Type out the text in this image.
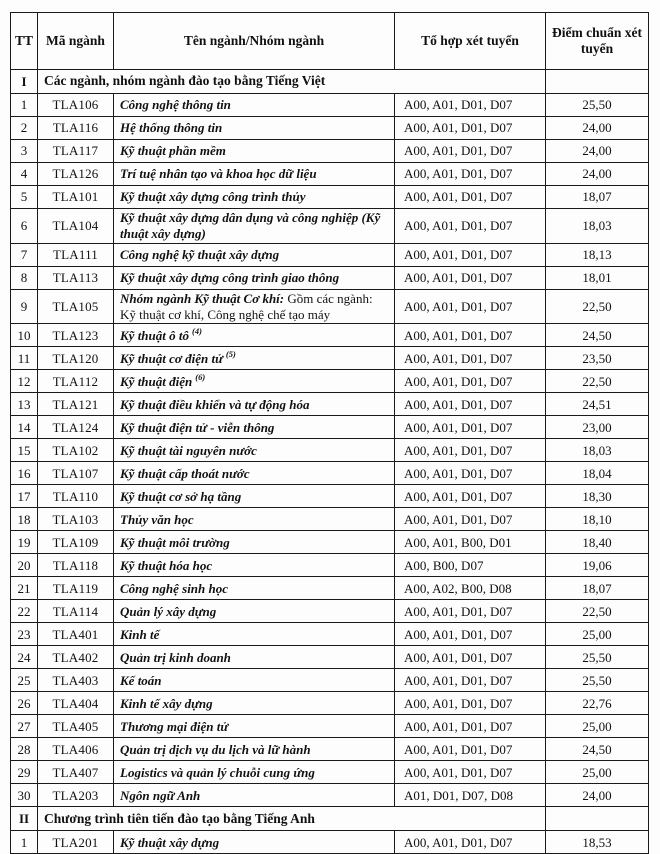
TT	Mã ngành	Tên ngành/Nhóm ngành	Tổ hợp xét tuyển	Điểm chuẩn xét tuyển
I	Các ngành, nhóm ngành đào tạo bằng Tiếng Việt			
1	TLA106	Công nghệ thông tin	A00, A01, D01, D07	25,50
2	TLA116	Hệ thống thông tin	A00, A01, D01, D07	24,00
3	TLA117	Kỹ thuật phần mềm	A00, A01, D01, D07	24,00
4	TLA126	Trí tuệ nhân tạo và khoa học dữ liệu	A00, A01, D01, D07	24,00
5	TLA101	Kỹ thuật xây dựng công trình thủy	A00, A01, D01, D07	18,07
6	TLA104	Kỹ thuật xây dựng dân dụng và công nghiệp (Kỹ thuật xây dựng)	A00, A01, D01, D07	18,03
7	TLA111	Công nghệ kỹ thuật xây dựng	A00, A01, D01, D07	18,13
8	TLA113	Kỹ thuật xây dựng công trình giao thông	A00, A01, D01, D07	18,01
9	TLA105	Nhóm ngành Kỹ thuật Cơ khí: Gồm các ngành: Kỹ thuật cơ khí, Công nghệ chế tạo máy	A00, A01, D01, D07	22,50
10	TLA123	Kỹ thuật ô tô $^{(4)}$	A00, A01, D01, D07	24,50
11	TLA120	Kỹ thuật cơ điện tử $^{(5)}$	A00, A01, D01, D07	23,50
12	TLA112	Kỹ thuật điện $^{(6)}$	A00, A01, D01, D07	22,50
13	TLA121	Kỹ thuật điều khiển và tự động hóa	A00, A01, D01, D07	24,51
14	TLA124	Kỹ thuật điện tử - viễn thông	A00, A01, D01, D07	23,00
15	TLA102	Kỹ thuật tài nguyên nước	A00, A01, D01, D07	18,03
16	TLA107	Kỹ thuật cấp thoát nước	A00, A01, D01, D07	18,04
17	TLA110	Kỹ thuật cơ sở hạ tầng	A00, A01, D01, D07	18,30
18	TLA103	Thủy văn học	A00, A01, D01, D07	18,10
19	TLA109	Kỹ thuật môi trường	A00, A01, B00, D01	18,40
20	TLA118	Kỹ thuật hóa học	A00, B00, D07	19,06
21	TLA119	Công nghệ sinh học	A00, A02, B00, D08	18,07
22	TLA114	Quản lý xây dựng	A00, A01, D01, D07	22,50
23	TLA401	Kinh tế	A00, A01, D01, D07	25,00
24	TLA402	Quản trị kinh doanh	A00, A01, D01, D07	25,50
25	TLA403	Kế toán	A00, A01, D01, D07	25,50
26	TLA404	Kinh tế xây dựng	A00, A01, D01, D07	22,76
27	TLA405	Thương mại điện tử	A00, A01, D01, D07	25,00
28	TLA406	Quản trị dịch vụ du lịch và lữ hành	A00, A01, D01, D07	24,50
29	TLA407	Logistics và quản lý chuỗi cung ứng	A00, A01, D01, D07	25,00
30	TLA203	Ngôn ngữ Anh	A01, D01, D07, D08	24,00
II	Chương trình tiên tiến đào tạo bằng Tiếng Anh			
1	TLA201	Kỹ thuật xây dựng	A00, A01, D01, D07	18,53
